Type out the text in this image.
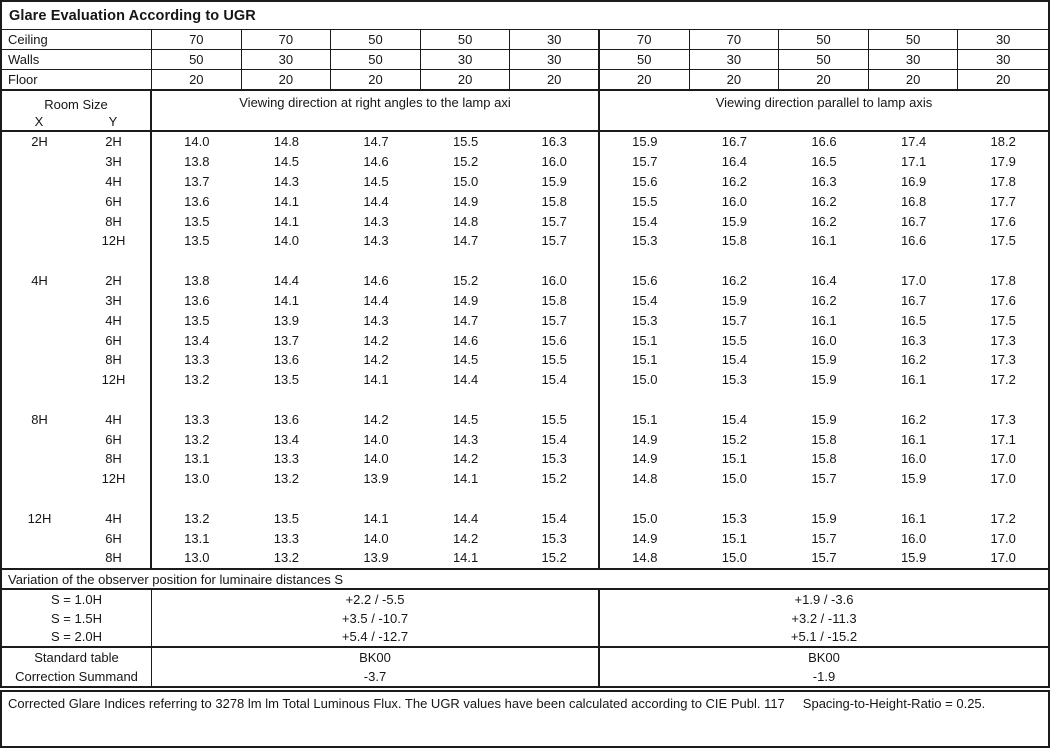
Glare Evaluation According to UGR
Ceiling	70	70	50	50	30	70	70	50	50	30
Walls	50	30	50	30	30	50	30	50	30	30
Floor	20	20	20	20	20	20	20	20	20	20
Room Size
X	Y
Viewing direction at right angles to the lamp axi	Viewing direction parallel to lamp axis
2H	2H	14.0	14.8	14.7	15.5	16.3	15.9	16.7	16.6	17.4	18.2
3H	13.8	14.5	14.6	15.2	16.0	15.7	16.4	16.5	17.1	17.9
4H	13.7	14.3	14.5	15.0	15.9	15.6	16.2	16.3	16.9	17.8
6H	13.6	14.1	14.4	14.9	15.8	15.5	16.0	16.2	16.8	17.7
8H	13.5	14.1	14.3	14.8	15.7	15.4	15.9	16.2	16.7	17.6
12H	13.5	14.0	14.3	14.7	15.7	15.3	15.8	16.1	16.6	17.5
4H	2H	13.8	14.4	14.6	15.2	16.0	15.6	16.2	16.4	17.0	17.8
3H	13.6	14.1	14.4	14.9	15.8	15.4	15.9	16.2	16.7	17.6
4H	13.5	13.9	14.3	14.7	15.7	15.3	15.7	16.1	16.5	17.5
6H	13.4	13.7	14.2	14.6	15.6	15.1	15.5	16.0	16.3	17.3
8H	13.3	13.6	14.2	14.5	15.5	15.1	15.4	15.9	16.2	17.3
12H	13.2	13.5	14.1	14.4	15.4	15.0	15.3	15.9	16.1	17.2
8H	4H	13.3	13.6	14.2	14.5	15.5	15.1	15.4	15.9	16.2	17.3
6H	13.2	13.4	14.0	14.3	15.4	14.9	15.2	15.8	16.1	17.1
8H	13.1	13.3	14.0	14.2	15.3	14.9	15.1	15.8	16.0	17.0
12H	13.0	13.2	13.9	14.1	15.2	14.8	15.0	15.7	15.9	17.0
12H	4H	13.2	13.5	14.1	14.4	15.4	15.0	15.3	15.9	16.1	17.2
6H	13.1	13.3	14.0	14.2	15.3	14.9	15.1	15.7	16.0	17.0
8H	13.0	13.2	13.9	14.1	15.2	14.8	15.0	15.7	15.9	17.0
Variation of the observer position for luminaire distances S
S = 1.0H	+2.2 / -5.5	+1.9 / -3.6
S = 1.5H	+3.5 / -10.7	+3.2 / -11.3
S = 2.0H	+5.4 / -12.7	+5.1 / -15.2
Standard table	BK00	BK00
Correction Summand	-3.7	-1.9
Corrected Glare Indices referring to 3278 lm lm Total Luminous Flux. The UGR values have been calculated according to CIE Publ. 117 Spacing-to-Height-Ratio = 0.25.
